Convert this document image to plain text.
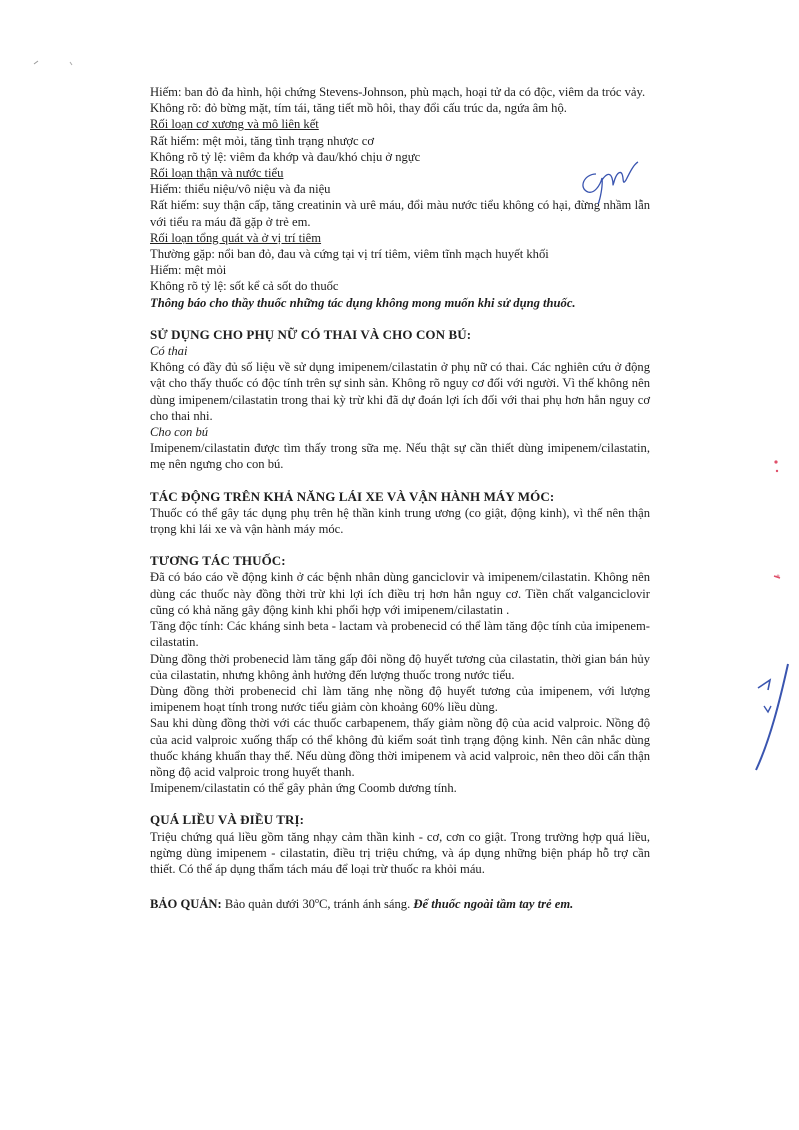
Hiếm: ban đỏ đa hình, hội chứng Stevens-Johnson, phù mạch, hoại tử da có độc, viêm da tróc vảy.

Không rõ: đỏ bừng mặt, tím tái, tăng tiết mồ hôi, thay đổi cấu trúc da, ngứa âm hộ.

Rối loạn cơ xương và mô liên kết

Rất hiếm: mệt mỏi, tăng tình trạng nhược cơ

Không rõ tỷ lệ: viêm đa khớp và đau/khó chịu ở ngực

Rối loạn thận và nước tiểu

Hiếm: thiểu niệu/vô niệu và đa niệu

Rất hiếm: suy thận cấp, tăng creatinin và urê máu, đổi màu nước tiểu không có hại, đừng nhầm lẫn với tiểu ra máu đã gặp ở trẻ em.

Rối loạn tổng quát và ở vị trí tiêm

Thường gặp: nổi ban đỏ, đau và cứng tại vị trí tiêm, viêm tĩnh mạch huyết khối

Hiếm: mệt mỏi

Không rõ tỷ lệ: sốt kể cả sốt do thuốc

Thông báo cho thầy thuốc những tác dụng không mong muốn khi sử dụng thuốc.

SỬ DỤNG CHO PHỤ NỮ CÓ THAI VÀ CHO CON BÚ:

Có thai

Không có đầy đủ số liệu về sử dụng imipenem/cilastatin ở phụ nữ có thai. Các nghiên cứu ở động vật cho thấy thuốc có độc tính trên sự sinh sản. Không rõ nguy cơ đối với người. Vì thế không nên dùng imipenem/cilastatin trong thai kỳ trừ khi đã dự đoán lợi ích đối với thai phụ hơn hẳn nguy cơ cho thai nhi.

Cho con bú

Imipenem/cilastatin được tìm thấy trong sữa mẹ. Nếu thật sự cần thiết dùng imipenem/cilastatin, mẹ nên ngưng cho con bú.

TÁC ĐỘNG TRÊN KHẢ NĂNG LÁI XE VÀ VẬN HÀNH MÁY MÓC:

Thuốc có thể gây tác dụng phụ trên hệ thần kinh trung ương (co giật, động kinh), vì thế nên thận trọng khi lái xe và vận hành máy móc.

TƯƠNG TÁC THUỐC:

Đã có báo cáo về động kinh ở các bệnh nhân dùng ganciclovir và imipenem/cilastatin. Không nên dùng các thuốc này đồng thời trừ khi lợi ích điều trị hơn hẳn nguy cơ. Tiền chất valganciclovir cũng có khả năng gây động kinh khi phối hợp với imipenem/cilastatin .

Tăng độc tính: Các kháng sinh beta - lactam và probenecid có thể làm tăng độc tính của imipenem- cilastatin.

Dùng đồng thời probenecid làm tăng gấp đôi nồng độ huyết tương của cilastatin, thời gian bán hủy của cilastatin, nhưng không ảnh hưởng đến lượng thuốc trong nước tiểu.

Dùng đồng thời probenecid chỉ làm tăng nhẹ nồng độ huyết tương của imipenem, với lượng imipenem hoạt tính trong nước tiểu giảm còn khoảng 60% liều dùng.

Sau khi dùng đồng thời với các thuốc carbapenem, thấy giảm nồng độ của acid valproic. Nồng độ của acid valproic xuống thấp có thể không đủ kiểm soát tình trạng động kinh. Nên cân nhắc dùng thuốc kháng khuẩn thay thế. Nếu dùng đồng thời imipenem và acid valproic, nên theo dõi cẩn thận nồng độ acid valproic trong huyết thanh.

Imipenem/cilastatin có thể gây phản ứng Coomb dương tính.

QUÁ LIỀU VÀ ĐIỀU TRỊ:

Triệu chứng quá liều gồm tăng nhạy cảm thần kinh - cơ, cơn co giật. Trong trường hợp quá liều, ngừng dùng imipenem - cilastatin, điều trị triệu chứng, và áp dụng những biện pháp hỗ trợ cần thiết. Có thể áp dụng thẩm tách máu để loại trừ thuốc ra khỏi máu.

BẢO QUẢN: Bảo quản dưới 30$^o$C, tránh ánh sáng. Để thuốc ngoài tầm tay trẻ em.
